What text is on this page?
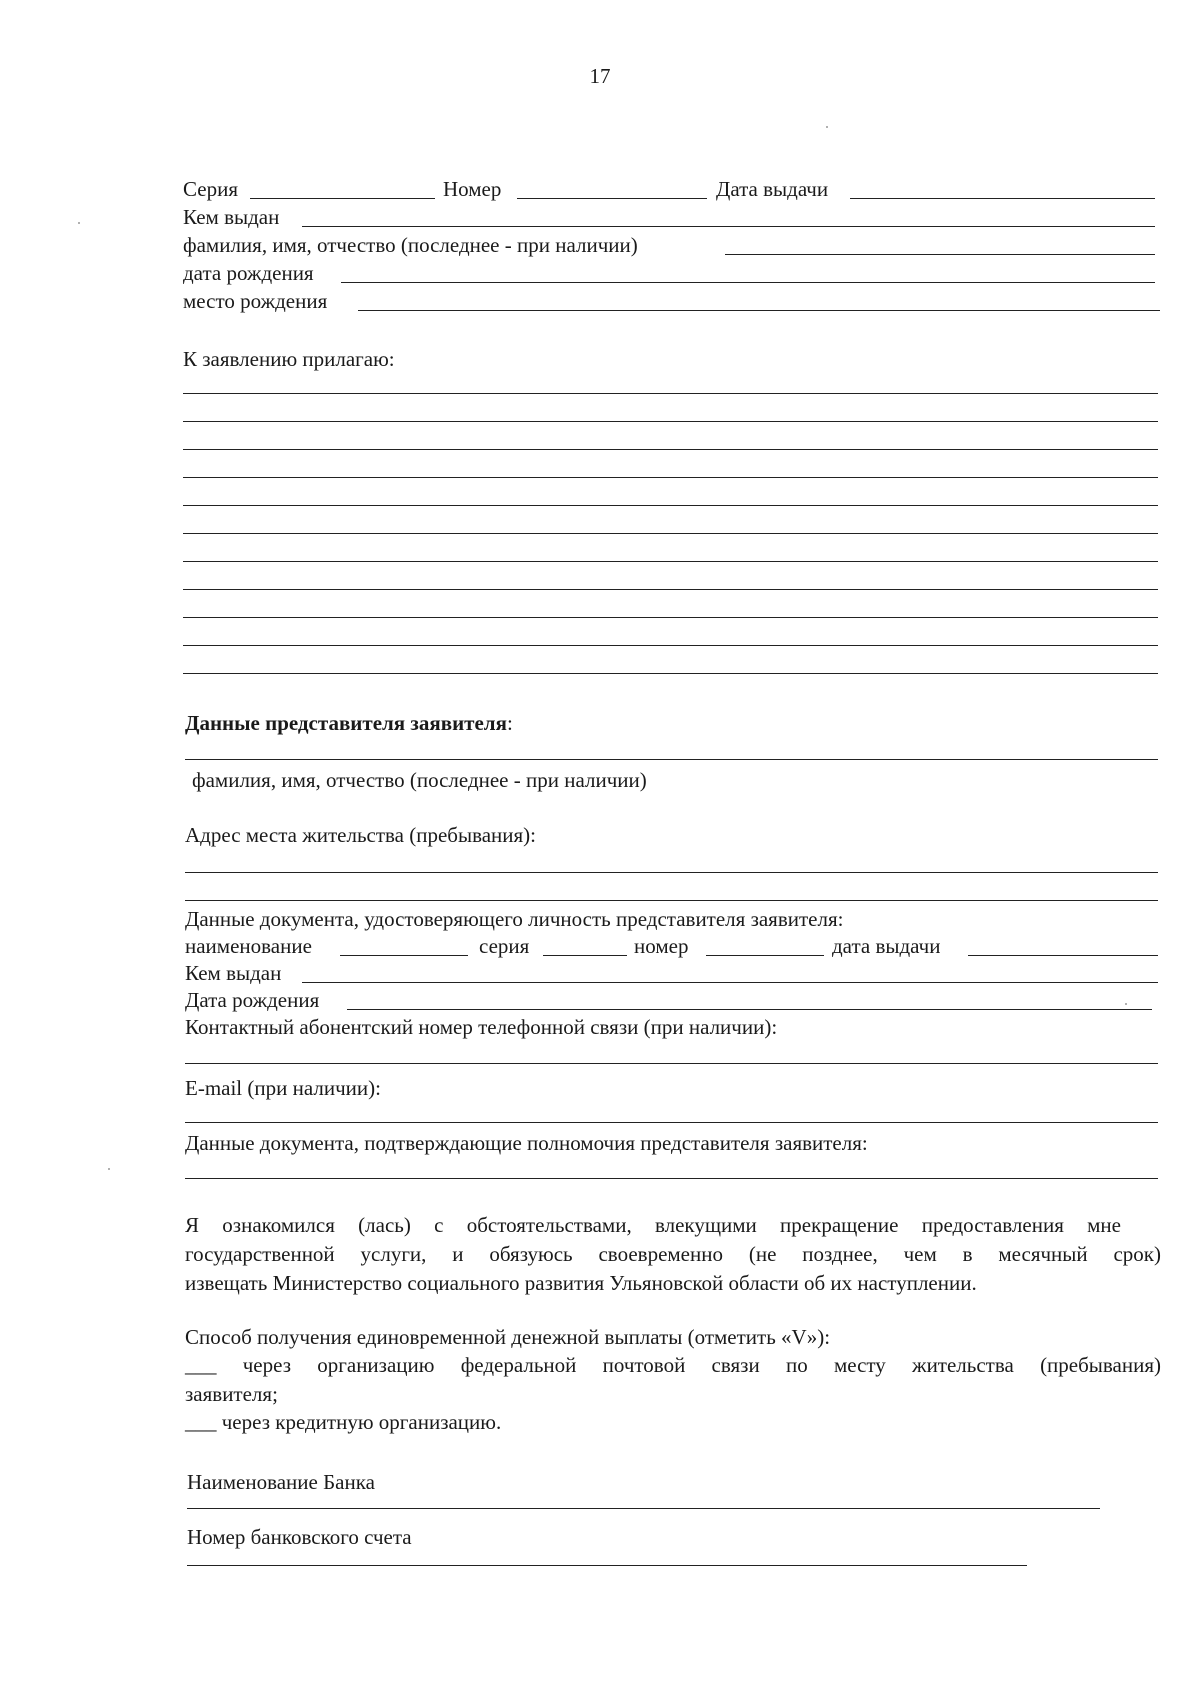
17
Серия	Номер	Дата выдачи
Кем выдан
фамилия, имя, отчество (последнее - при наличии)
дата рождения
место рождения
К заявлению прилагаю:
Данные представителя заявителя:
фамилия, имя, отчество (последнее - при наличии)
Адрес места жительства (пребывания):
Данные документа, удостоверяющего личность представителя заявителя:
наименование	серия	номер	дата выдачи
Кем выдан
Дата рождения
Контактный абонентский номер телефонной связи (при наличии):
E-mail (при наличии):
Данные документа, подтверждающие полномочия представителя заявителя:
Я ознакомился (лась) с обстоятельствами, влекущими прекращение предоставления мне
государственной услуги, и обязуюсь своевременно (не позднее, чем в месячный срок)
извещать Министерство социального развития Ульяновской области об их наступлении.
Способ получения единовременной денежной выплаты (отметить «V»):
___ через организацию федеральной почтовой связи по месту жительства (пребывания)
заявителя;
___ через кредитную организацию.
Наименование Банка
Номер банковского счета
